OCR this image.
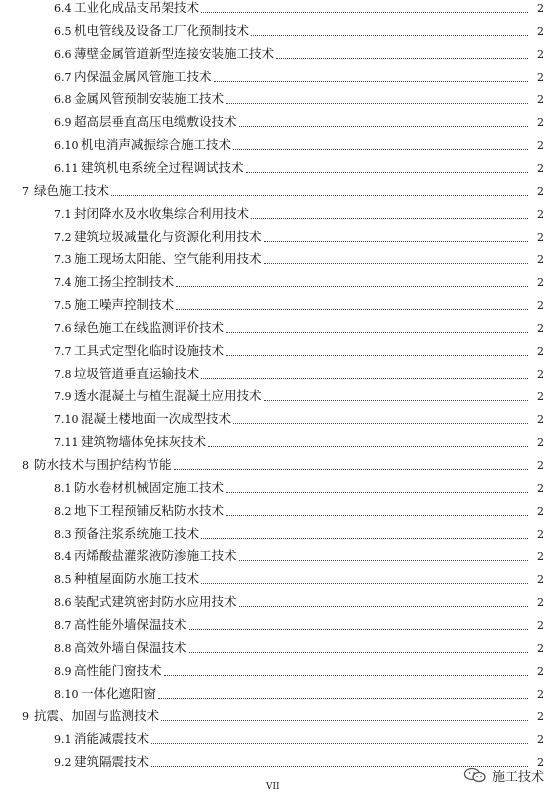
6.4 工业化成品支吊架技术	2
6.5 机电管线及设备工厂化预制技术	2
6.6 薄壁金属管道新型连接安装施工技术	2
6.7 内保温金属风管施工技术	2
6.8 金属风管预制安装施工技术	2
6.9 超高层垂直高压电缆敷设技术	2
6.10 机电消声减振综合施工技术	2
6.11 建筑机电系统全过程调试技术	2
7 绿色施工技术	2
7.1 封闭降水及水收集综合利用技术	2
7.2 建筑垃圾减量化与资源化利用技术	2
7.3 施工现场太阳能、空气能利用技术	2
7.4 施工扬尘控制技术	2
7.5 施工噪声控制技术	2
7.6 绿色施工在线监测评价技术	2
7.7 工具式定型化临时设施技术	2
7.8 垃圾管道垂直运输技术	2
7.9 透水混凝土与植生混凝土应用技术	2
7.10 混凝土楼地面一次成型技术	2
7.11 建筑物墙体免抹灰技术	2
8 防水技术与围护结构节能	2
8.1 防水卷材机械固定施工技术	2
8.2 地下工程预铺反粘防水技术	2
8.3 预备注浆系统施工技术	2
8.4 丙烯酸盐灌浆液防渗施工技术	2
8.5 种植屋面防水施工技术	2
8.6 装配式建筑密封防水应用技术	2
8.7 高性能外墙保温技术	2
8.8 高效外墙自保温技术	2
8.9 高性能门窗技术	2
8.10 一体化遮阳窗	2
9 抗震、加固与监测技术	2
9.1 消能减震技术	2
9.2 建筑隔震技术	2
VII
施工技术
